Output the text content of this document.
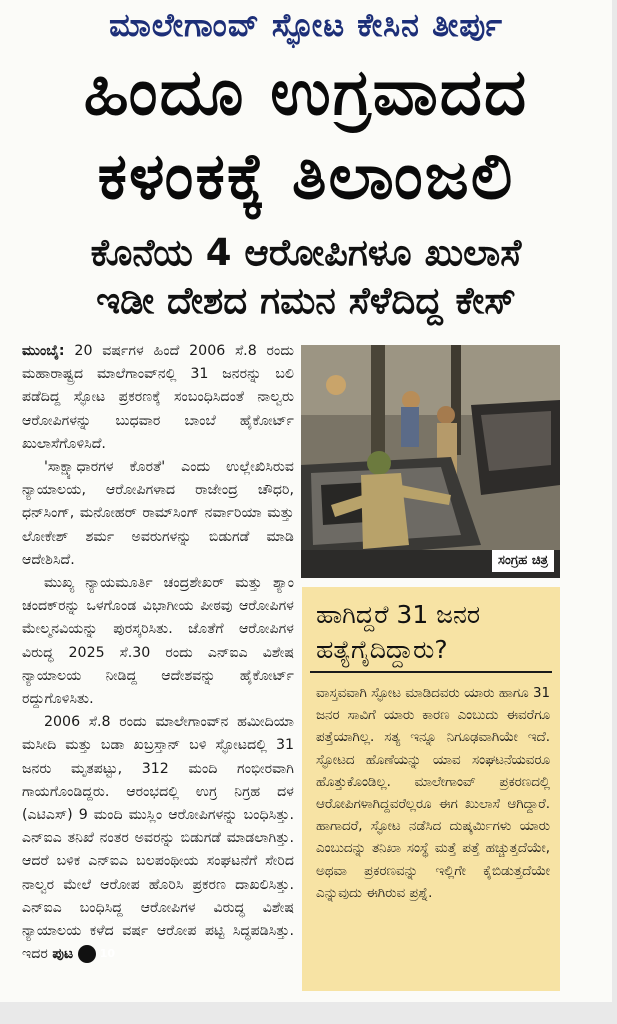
ಮಾಲೇಗಾಂವ್ ಸ್ಫೋಟ ಕೇಸಿನ ತೀರ್ಪು
ಹಿಂದೂ ಉಗ್ರವಾದದ
ಕಳಂಕಕ್ಕೆ ತಿಲಾಂಜಲಿ
ಕೊನೆಯ 4 ಆರೋಪಿಗಳೂ ಖುಲಾಸೆ
ಇಡೀ ದೇಶದ ಗಮನ ಸೆಳೆದಿದ್ದ ಕೇಸ್

ಮುಂಬೈ: 20 ವರ್ಷಗಳ ಹಿಂದೆ 2006 ಸೆ.8 ರಂದು ಮಹಾರಾಷ್ಟ್ರದ ಮಾಲೆಗಾಂವ್‌ನಲ್ಲಿ 31 ಜನರನ್ನು ಬಲಿ ಪಡೆದಿದ್ದ ಸ್ಫೋಟ ಪ್ರಕರಣಕ್ಕೆ ಸಂಬಂಧಿಸಿದಂತೆ ನಾಲ್ವರು ಆರೋಪಿಗಳನ್ನು ಬುಧವಾರ ಬಾಂಬೆ ಹೈಕೋರ್ಟ್ ಖುಲಾಸೆಗೊಳಿಸಿದೆ.

'ಸಾಕ್ಷ್ಯಾಧಾರಗಳ ಕೊರತೆ' ಎಂದು ಉಲ್ಲೇಖಿಸಿರುವ ನ್ಯಾಯಾಲಯ, ಆರೋಪಿಗಳಾದ ರಾಜೇಂದ್ರ ಚೌಧರಿ, ಧನ್‌ಸಿಂಗ್, ಮನೋಹರ್ ರಾಮ್‌ಸಿಂಗ್ ನರ್ವಾರಿಯಾ ಮತ್ತು ಲೋಕೇಶ್ ಶರ್ಮ ಅವರುಗಳನ್ನು ಬಿಡುಗಡೆ ಮಾಡಿ ಆದೇಶಿಸಿದೆ.

ಮುಖ್ಯ ನ್ಯಾಯಮೂರ್ತಿ ಚಂದ್ರಶೇಖರ್ ಮತ್ತು ಶ್ಯಾಂ ಚಂದಕ್‌ರನ್ನು ಒಳಗೊಂಡ ವಿಭಾಗೀಯ ಪೀಠವು ಆರೋಪಿಗಳ ಮೇಲ್ಮನವಿಯನ್ನು ಪುರಸ್ಕರಿಸಿತು. ಜೊತೆಗೆ ಆರೋಪಿಗಳ ವಿರುದ್ಧ 2025 ಸೆ.30 ರಂದು ಎನ್‌ಐಎ ವಿಶೇಷ ನ್ಯಾಯಾಲಯ ನೀಡಿದ್ದ ಆದೇಶವನ್ನು ಹೈಕೋರ್ಟ್ ರದ್ದುಗೊಳಿಸಿತು.

2006 ಸೆ.8 ರಂದು ಮಾಲೇಗಾಂವ್‌ನ ಹಮೀದಿಯಾ ಮಸೀದಿ ಮತ್ತು ಬಡಾ ಖಬ್ರಸ್ತಾನ್ ಬಳಿ ಸ್ಫೋಟದಲ್ಲಿ 31 ಜನರು ಮೃತಪಟ್ಟು, 312 ಮಂದಿ ಗಂಭೀರವಾಗಿ ಗಾಯಗೊಂಡಿದ್ದರು. ಆರಂಭದಲ್ಲಿ ಉಗ್ರ ನಿಗ್ರಹ ದಳ (ಎಟಿಎಸ್) 9 ಮಂದಿ ಮುಸ್ಲಿಂ ಆರೋಪಿಗಳನ್ನು ಬಂಧಿಸಿತ್ತು. ಎನ್‌ಐಎ ತನಿಖೆ ನಂತರ ಅವರನ್ನು ಬಿಡುಗಡೆ ಮಾಡಲಾಗಿತ್ತು. ಆದರೆ ಬಳಿಕ ಎನ್‌ಐಎ ಬಲಪಂಥೀಯ ಸಂಘಟನೆಗೆ ಸೇರಿದ ನಾಲ್ವರ ಮೇಲೆ ಆರೋಪ ಹೊರಿಸಿ ಪ್ರಕರಣ ದಾಖಲಿಸಿತ್ತು. ಎನ್‌ಐಎ ಬಂಧಿಸಿದ್ದ ಆರೋಪಿಗಳ ವಿರುದ್ಧ ವಿಶೇಷ ನ್ಯಾಯಾಲಯ ಕಳೆದ ವರ್ಷ ಆರೋಪ ಪಟ್ಟಿ ಸಿದ್ಧಪಡಿಸಿತ್ತು. ಇದರ ಪುಟ 10

ಸಂಗ್ರಹ ಚಿತ್ರ
ಹಾಗಿದ್ದರೆ 31 ಜನರ ಹತ್ಯೆಗೈದಿದ್ದಾರು?
ವಾಸ್ತವವಾಗಿ ಸ್ಫೋಟ ಮಾಡಿದವರು ಯಾರು ಹಾಗೂ 31 ಜನರ ಸಾವಿಗೆ ಯಾರು ಕಾರಣ ಎಂಬುದು ಈವರೆಗೂ ಪತ್ತೆಯಾಗಿಲ್ಲ. ಸತ್ಯ ಇನ್ನೂ ನಿಗೂಢವಾಗಿಯೇ ಇದೆ. ಸ್ಫೋಟದ ಹೊಣೆಯನ್ನು ಯಾವ ಸಂಘಟನೆಯವರೂ ಹೊತ್ತುಕೊಂಡಿಲ್ಲ. ಮಾಲೇಗಾಂವ್ ಪ್ರಕರಣದಲ್ಲಿ ಆರೋಪಿಗಳಾಗಿದ್ದವರೆಲ್ಲರೂ ಈಗ ಖುಲಾಸೆ ಆಗಿದ್ದಾರೆ. ಹಾಗಾದರೆ, ಸ್ಫೋಟ ನಡೆಸಿದ ದುಷ್ಕರ್ಮಿಗಳು ಯಾರು ಎಂಬುದನ್ನು ತನಿಖಾ ಸಂಸ್ಥೆ ಮತ್ತೆ ಪತ್ತೆ ಹಚ್ಚುತ್ತದೆಯೇ, ಅಥವಾ ಪ್ರಕರಣವನ್ನು ಇಲ್ಲಿಗೇ ಕೈಬಿಡುತ್ತದೆಯೇ ಎನ್ನುವುದು ಈಗಿರುವ ಪ್ರಶ್ನೆ.
